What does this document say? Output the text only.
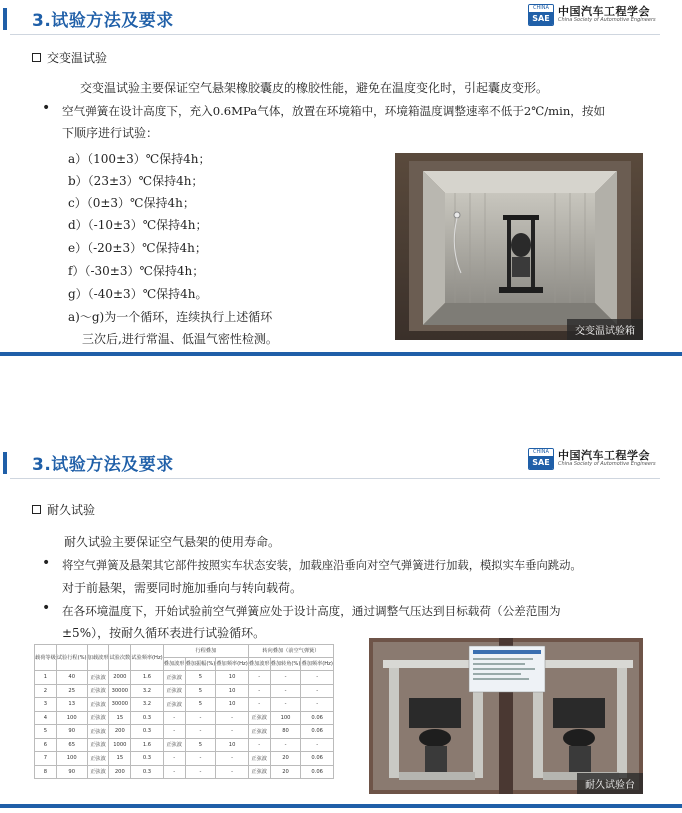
3.试验方法及要求
CHINA
SAE
中国汽车工程学会
China Society of Automotive Engineers
交变温试验
交变温试验主要保证空气悬架橡胶囊皮的橡胶性能，避免在温度变化时，引起囊皮变形。
• 空气弹簧在设计高度下，充入0.6MPa气体，放置在环境箱中，环境箱温度调整速率不低于2℃/min，按如
下顺序进行试验：
a）（100±3）℃保持4h；
b）（23±3）℃保持4h；
c）（0±3）℃保持4h；
d）（-10±3）℃保持4h；
e）（-20±3）℃保持4h；
f）（-30±3）℃保持4h；
g）（-40±3）℃保持4h。
a)～g)为一个循环，连续执行上述循环
三次后,进行常温、低温气密性检测。
交变温试验箱
3.试验方法及要求
CHINA
SAE
中国汽车工程学会
China Society of Automotive Engineers
耐久试验
耐久试验主要保证空气悬架的使用寿命。
• 将空气弹簧及悬架其它部件按照实车状态安装，加载座沿垂向对空气弹簧进行加载，模拟实车垂向跳动。
对于前悬架，需要同时施加垂向与转向载荷。
• 在各环境温度下，开始试验前空气弹簧应处于设计高度，通过调整气压达到目标载荷（公差范围为
±5%），按耐久循环表进行试验循环。
载荷等级	试验行程(%)	加载波形	试验次数	试验频率(Hz)	行程叠加			转向叠加（前空气弹簧）		
					叠加波形	叠加振幅(%)	叠加频率(Hz)	叠加波形	叠加转角(%)	叠加频率(Hz)
1	40	正弦波	2000	1.6	正弦波	5	10	-	-	-
2	25	正弦波	30000	3.2	正弦波	5	10	-	-	-
3	13	正弦波	30000	3.2	正弦波	5	10	-	-	-
4	100	正弦波	15	0.3	-	-	-	正弦波	100	0.06
5	90	正弦波	200	0.3	-	-	-	正弦波	80	0.06
6	65	正弦波	1000	1.6	正弦波	5	10	-	-	-
7	100	正弦波	15	0.3	-	-	-	正弦波	20	0.06
8	90	正弦波	200	0.3	-	-	-	正弦波	20	0.06
耐久试验台
